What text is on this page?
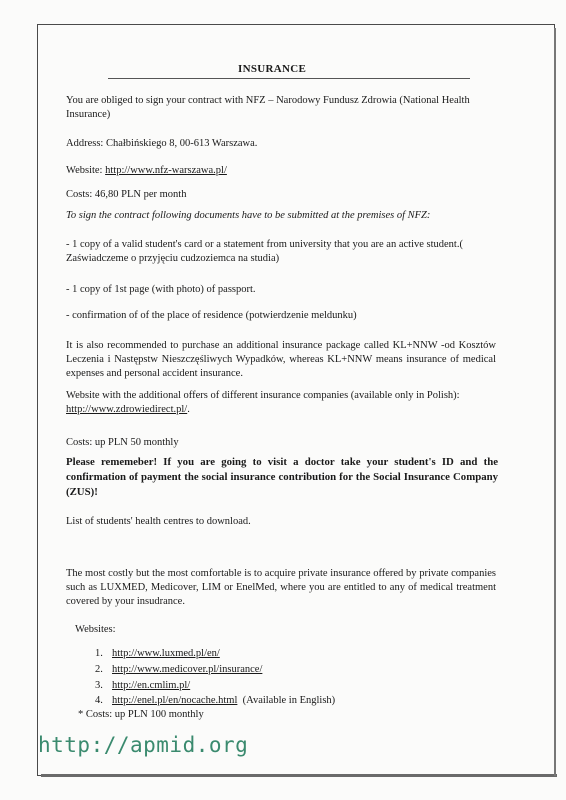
INSURANCE
You are obliged to sign your contract with NFZ – Narodowy Fundusz Zdrowia (National Health Insurance)
Address: Chałbińskiego 8, 00-613 Warszawa.
Website: http://www.nfz-warszawa.pl/
Costs: 46,80 PLN per month
To sign the contract following documents have to be submitted at the premises of NFZ:
- 1 copy of a valid student's card or a statement from university that you are an active student.( Zaświadczeme o przyjęciu cudzoziemca na studia)
- 1 copy of 1st page (with photo) of passport.
- confirmation of of the place of residence (potwierdzenie meldunku)
It is also recommended to purchase an additional insurance package called KL+NNW -od Kosztów Leczenia i Następstw Nieszczęśliwych Wypadków, whereas KL+NNW means insurance of medical expenses and personal accident insurance.
Website with the additional offers of different insurance companies (available only in Polish):
http://www.zdrowiedirect.pl/.
Costs: up PLN 50 monthly
Please rememeber! If you are going to visit a doctor take your student's ID and the confirmation of payment the social insurance contribution for the Social Insurance Company (ZUS)!
List of students' health centres to download.
The most costly but the most comfortable is to acquire private insurance offered by private companies such as LUXMED, Medicover, LIM or EnelMed, where you are entitled to any of medical treatment covered by your insudrance.
Websites:
1. http://www.luxmed.pl/en/
2. http://www.medicover.pl/insurance/
3. http://en.cmlim.pl/
4. http://enel.pl/en/nocache.html  (Available in English)
* Costs: up PLN 100 monthly
http://apmid.org
